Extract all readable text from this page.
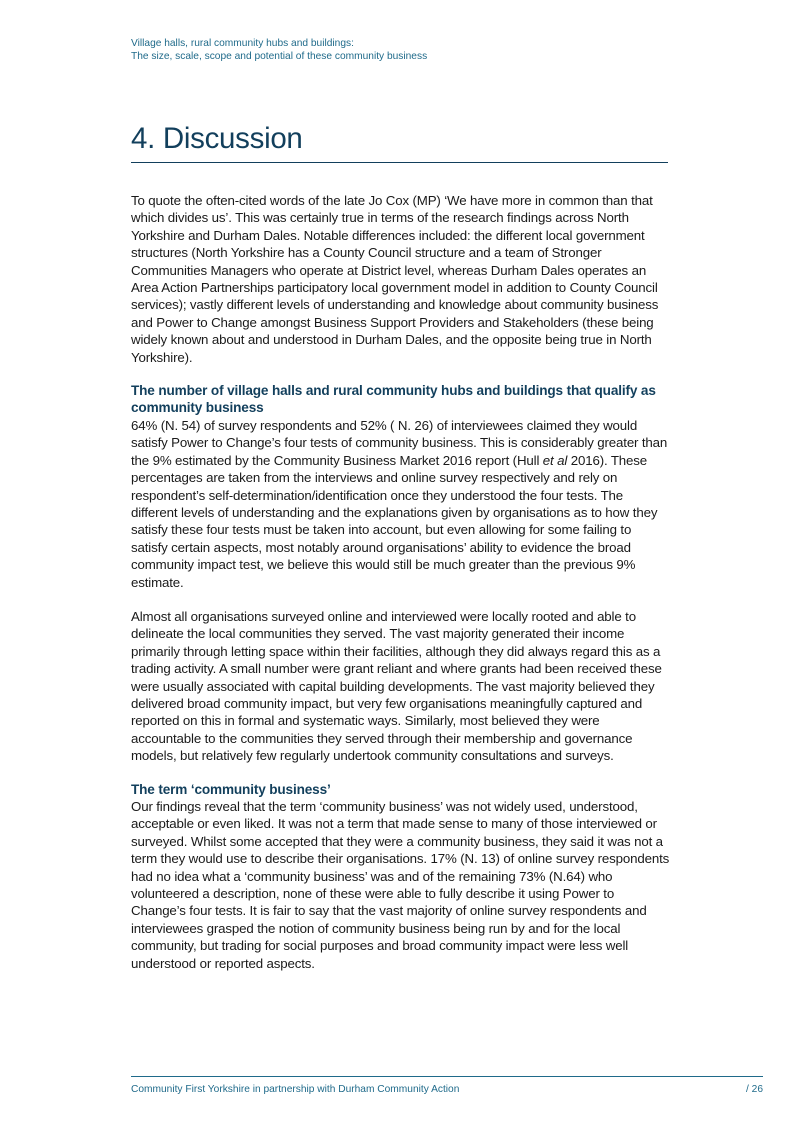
Village halls, rural community hubs and buildings:
The size, scale, scope and potential of these community business
4. Discussion

To quote the often-cited words of the late Jo Cox (MP) ‘We have more in common than that which divides us’. This was certainly true in terms of the research findings across North Yorkshire and Durham Dales. Notable differences included: the different local government structures (North Yorkshire has a County Council structure and a team of Stronger Communities Managers who operate at District level, whereas Durham Dales operates an Area Action Partnerships participatory local government model in addition to County Council services); vastly different levels of understanding and knowledge about community business and Power to Change amongst Business Support Providers and Stakeholders (these being widely known about and understood in Durham Dales, and the opposite being true in North Yorkshire).

The number of village halls and rural community hubs and buildings that qualify as community business

64% (N. 54) of survey respondents and 52% ( N. 26) of interviewees claimed they would satisfy Power to Change’s four tests of community business. This is considerably greater than the 9% estimated by the Community Business Market 2016 report (Hull et al 2016). These percentages are taken from the interviews and online survey respectively and rely on respondent’s self-determination/identification once they understood the four tests. The different levels of understanding and the explanations given by organisations as to how they satisfy these four tests must be taken into account, but even allowing for some failing to satisfy certain aspects, most notably around organisations’ ability to evidence the broad community impact test, we believe this would still be much greater than the previous 9% estimate.

Almost all organisations surveyed online and interviewed were locally rooted and able to delineate the local communities they served. The vast majority generated their income primarily through letting space within their facilities, although they did always regard this as a trading activity. A small number were grant reliant and where grants had been received these were usually associated with capital building developments. The vast majority believed they delivered broad community impact, but very few organisations meaningfully captured and reported on this in formal and systematic ways. Similarly, most believed they were accountable to the communities they served through their membership and governance models, but relatively few regularly undertook community consultations and surveys.

The term ‘community business’

Our findings reveal that the term ‘community business’ was not widely used, understood, acceptable or even liked. It was not a term that made sense to many of those interviewed or surveyed. Whilst some accepted that they were a community business, they said it was not a term they would use to describe their organisations. 17% (N. 13) of online survey respondents had no idea what a ‘community business’ was and of the remaining 73% (N.64) who volunteered a description, none of these were able to fully describe it using Power to Change’s four tests. It is fair to say that the vast majority of online survey respondents and interviewees grasped the notion of community business being run by and for the local community, but trading for social purposes and broad community impact were less well understood or reported aspects.

Community First Yorkshire in partnership with Durham Community Action	/ 26
